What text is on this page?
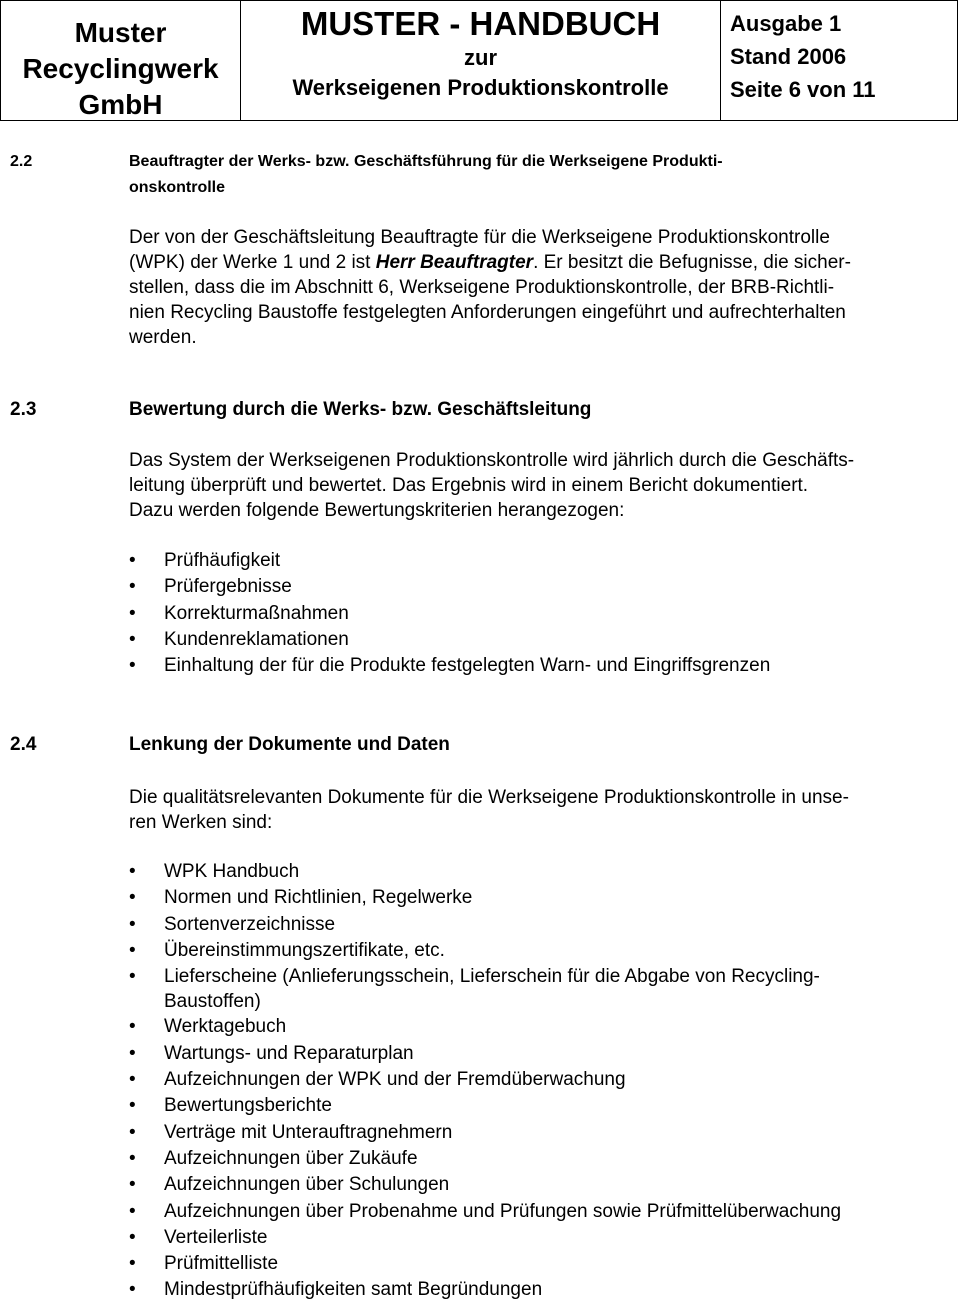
Muster
Recyclingwerk
GmbH
MUSTER - HANDBUCH
zur
Werkseigenen Produktionskontrolle
Ausgabe 1
Stand 2006
Seite 6 von 11
2.2	Beauftragter der Werks- bzw. Geschäftsführung für die Werkseigene Produkti-
onskontrolle
Der von der Geschäftsleitung Beauftragte für die Werkseigene Produktionskontrolle
(WPK) der Werke 1 und 2 ist Herr Beauftragter. Er besitzt die Befugnisse, die sicher-
stellen, dass die im Abschnitt 6, Werkseigene Produktionskontrolle, der BRB-Richtli-
nien Recycling Baustoffe festgelegten Anforderungen eingeführt und aufrechterhalten
werden.
2.3	Bewertung durch die Werks- bzw. Geschäftsleitung
Das System der Werkseigenen Produktionskontrolle wird jährlich durch die Geschäfts-
leitung überprüft und bewertet. Das Ergebnis wird in einem Bericht dokumentiert.
Dazu werden folgende Bewertungskriterien herangezogen:
• Prüfhäufigkeit
• Prüfergebnisse
• Korrekturmaßnahmen
• Kundenreklamationen
• Einhaltung der für die Produkte festgelegten Warn- und Eingriffsgrenzen
2.4	Lenkung der Dokumente und Daten
Die qualitätsrelevanten Dokumente für die Werkseigene Produktionskontrolle in unse-
ren Werken sind:
• WPK Handbuch
• Normen und Richtlinien, Regelwerke
• Sortenverzeichnisse
• Übereinstimmungszertifikate, etc.
• Lieferscheine (Anlieferungsschein, Lieferschein für die Abgabe von Recycling-
Baustoffen)
• Werktagebuch
• Wartungs- und Reparaturplan
• Aufzeichnungen der WPK und der Fremdüberwachung
• Bewertungsberichte
• Verträge mit Unterauftragnehmern
• Aufzeichnungen über Zukäufe
• Aufzeichnungen über Schulungen
• Aufzeichnungen über Probenahme und Prüfungen sowie Prüfmittelüberwachung
• Verteilerliste
• Prüfmittelliste
• Mindestprüfhäufigkeiten samt Begründungen
